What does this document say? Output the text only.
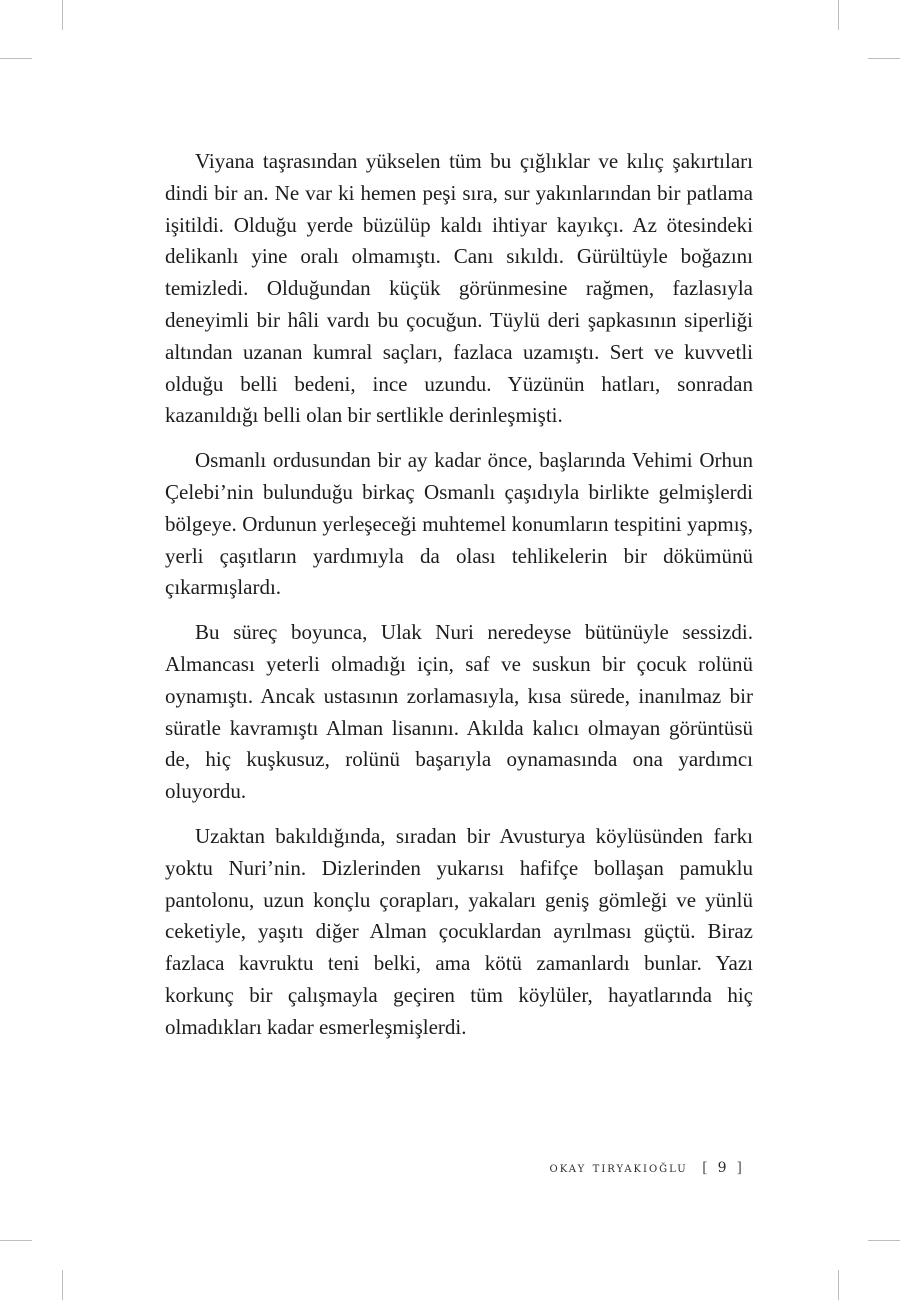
Viyana taşrasından yükselen tüm bu çığlıklar ve kılıç şakırtıları dindi bir an. Ne var ki hemen peşi sıra, sur yakınlarından bir patlama işitildi. Olduğu yerde büzülüp kaldı ihtiyar kayıkçı. Az ötesindeki delikanlı yine oralı olmamıştı. Canı sıkıldı. Gürültüyle boğazını temizledi. Olduğundan küçük görünmesine rağmen, fazlasıyla deneyimli bir hâli vardı bu çocuğun. Tüylü deri şapkasının siperliği altından uzanan kumral saçları, fazlaca uzamıştı. Sert ve kuvvetli olduğu belli bedeni, ince uzundu. Yüzünün hatları, sonradan kazanıldığı belli olan bir sertlikle derinleşmişti.

Osmanlı ordusundan bir ay kadar önce, başlarında Vehimi Orhun Çelebi’nin bulunduğu birkaç Osmanlı çaşıdıyla birlikte gelmişlerdi bölgeye. Ordunun yerleşeceği muhtemel konumların tespitini yapmış, yerli çaşıtların yardımıyla da olası tehlikelerin bir dökümünü çıkarmışlardı.

Bu süreç boyunca, Ulak Nuri neredeyse bütünüyle sessizdi. Almancası yeterli olmadığı için, saf ve suskun bir çocuk rolünü oynamıştı. Ancak ustasının zorlamasıyla, kısa sürede, inanılmaz bir süratle kavramıştı Alman lisanını. Akılda kalıcı olmayan görüntüsü de, hiç kuşkusuz, rolünü başarıyla oynamasında ona yardımcı oluyordu.

Uzaktan bakıldığında, sıradan bir Avusturya köylüsünden farkı yoktu Nuri’nin. Dizlerinden yukarısı hafifçe bollaşan pamuklu pantolonu, uzun konçlu çorapları, yakaları geniş gömleği ve yünlü ceketiyle, yaşıtı diğer Alman çocuklardan ayrılması güçtü. Biraz fazlaca kavruktu teni belki, ama kötü zamanlardı bunlar. Yazı korkunç bir çalışmayla geçiren tüm köylüler, hayatlarında hiç olmadıkları kadar esmerleşmişlerdi.

okay tiryakioğlu [ 9 ]
